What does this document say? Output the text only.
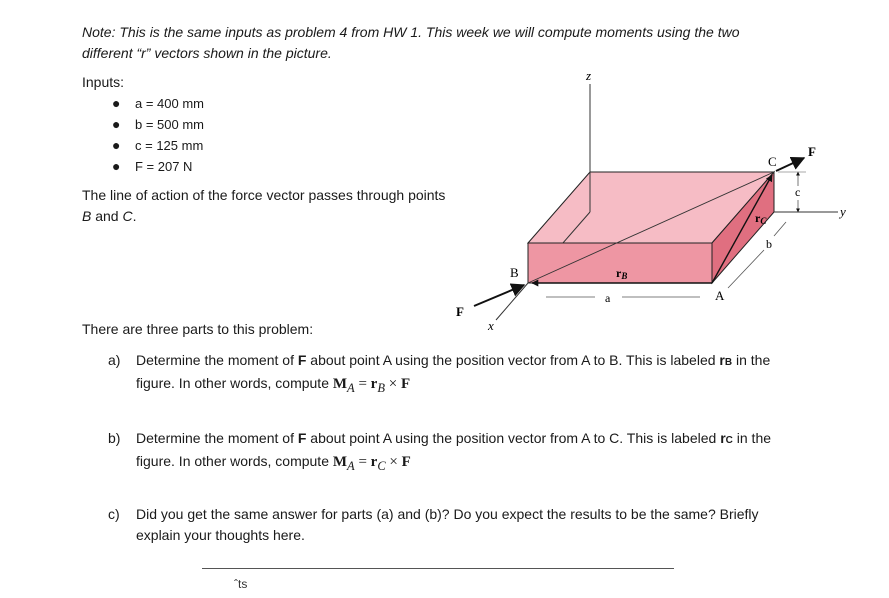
Note: This is the same inputs as problem 4 from HW 1. This week we will compute moments using the two different “r” vectors shown in the picture.
Inputs:
● a = 400 mm
● b = 500 mm
● c = 125 mm
● F = 207 N
The line of action of the force vector passes through points B and C.
z
x
y
B
C
A
F
F
a
b
c
rB
rC
There are three parts to this problem:
a) Determine the moment of F about point A using the position vector from A to B. This is labeled rB in the figure. In other words, compute $M_A = r_B \times F$
b) Determine the moment of F about point A using the position vector from A to C. This is labeled rC in the figure. In other words, compute $M_A = r_C \times F$
c) Did you get the same answer for parts (a) and (b)? Do you expect the results to be the same? Briefly explain your thoughts here.
ˆts
